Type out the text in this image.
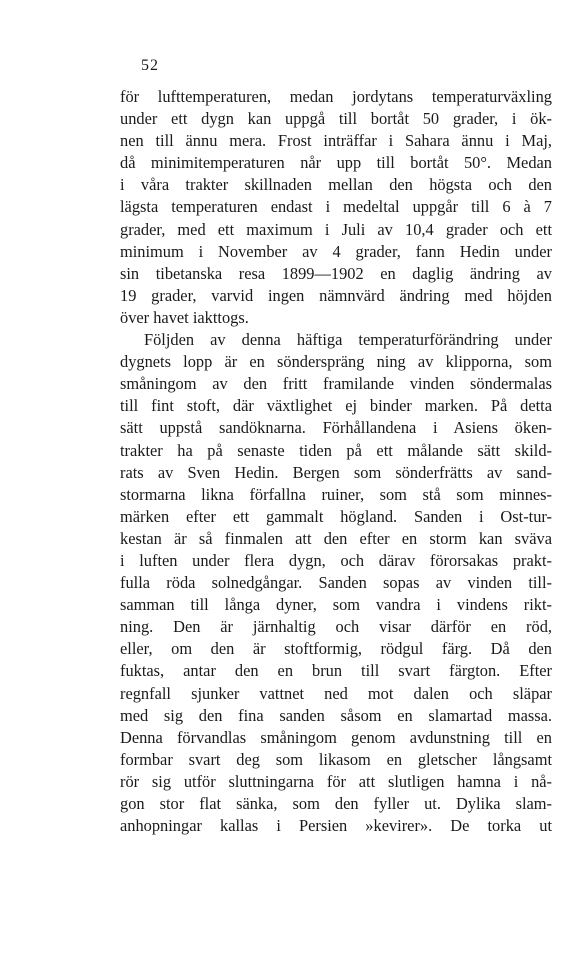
52
för lufttemperaturen, medan jordytans temperaturväxling
under ett dygn kan uppgå till bortåt 50 grader, i ök-
nen till ännu mera. Frost inträffar i Sahara ännu i Maj,
då minimitemperaturen når upp till bortåt 50°. Medan
i våra trakter skillnaden mellan den högsta och den
lägsta temperaturen endast i medeltal uppgår till 6 à 7
grader, med ett maximum i Juli av 10,4 grader och ett
minimum i November av 4 grader, fann Hedin under
sin tibetanska resa 1899—1902 en daglig ändring av
19 grader, varvid ingen nämnvärd ändring med höjden
över havet iakttogs.
Följden av denna häftiga temperaturförändring under
dygnets lopp är en sönderspräng ning av klipporna, som
småningom av den fritt framilande vinden söndermalas
till fint stoft, där växtlighet ej binder marken. På detta
sätt uppstå sandöknarna. Förhållandena i Asiens öken-
trakter ha på senaste tiden på ett målande sätt skild-
rats av Sven Hedin. Bergen som sönderfrätts av sand-
stormarna likna förfallna ruiner, som stå som minnes-
märken efter ett gammalt högland. Sanden i Ost-tur-
kestan är så finmalen att den efter en storm kan sväva
i luften under flera dygn, och därav förorsakas prakt-
fulla röda solnedgångar. Sanden sopas av vinden till-
samman till långa dyner, som vandra i vindens rikt-
ning. Den är järnhaltig och visar därför en röd,
eller, om den är stoftformig, rödgul färg. Då den
fuktas, antar den en brun till svart färgton. Efter
regnfall sjunker vattnet ned mot dalen och släpar
med sig den fina sanden såsom en slamartad massa.
Denna förvandlas småningom genom avdunstning till en
formbar svart deg som likasom en gletscher långsamt
rör sig utför sluttningarna för att slutligen hamna i nå-
gon stor flat sänka, som den fyller ut. Dylika slam-
anhopningar kallas i Persien »kevirer». De torka ut
